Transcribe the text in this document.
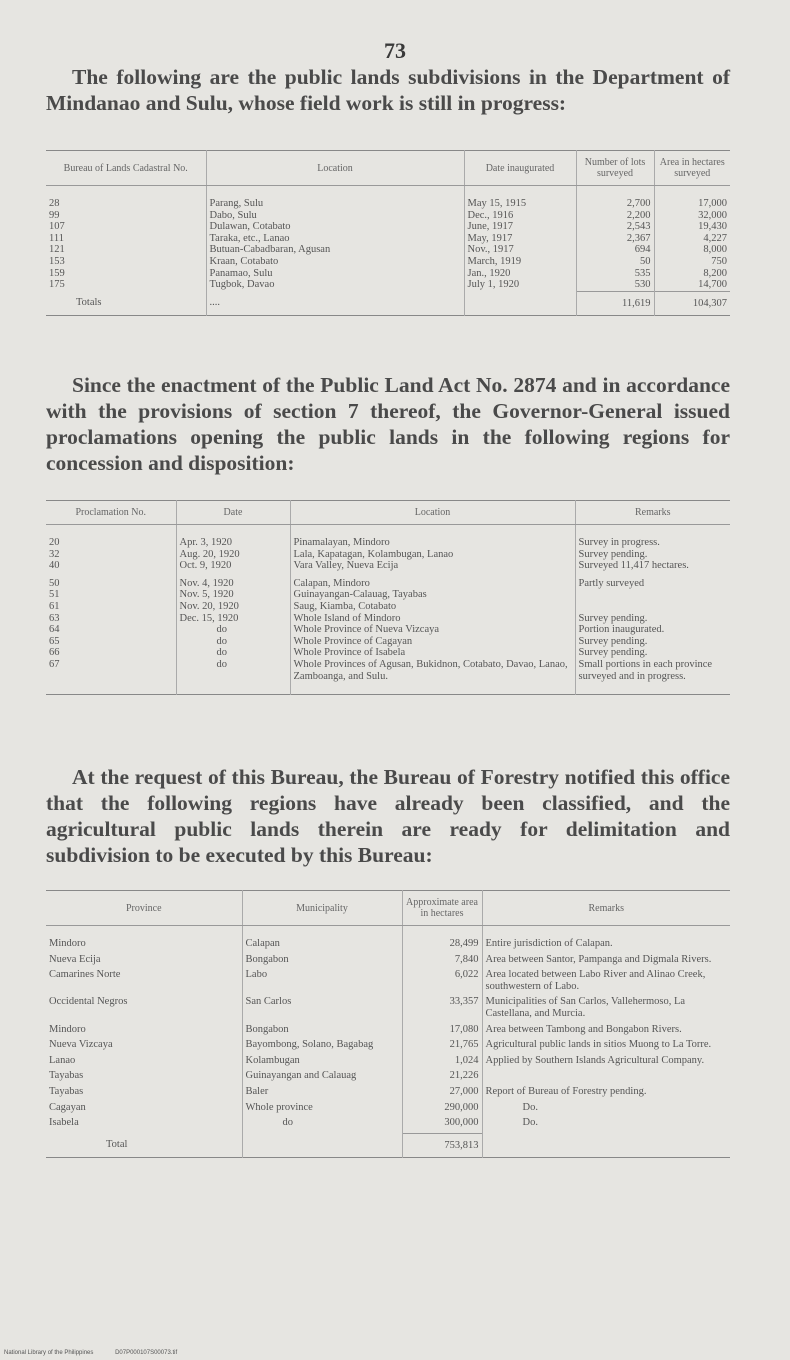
73

The following are the public lands subdivisions in the Department of Mindanao and Sulu, whose field work is still in progress:

Bureau of Lands Cadastral No.	Location	Date inaugurated	Number of lots surveyed	Area in hectares surveyed

28	Parang, Sulu	May 15, 1915	2,700	17,000
99	Dabo, Sulu	Dec., 1916	2,200	32,000
107	Dulawan, Cotabato	June, 1917	2,543	19,430
111	Taraka, etc., Lanao	May, 1917	2,367	4,227
121	Butuan-Cabadbaran, Agusan	Nov., 1917	694	8,000
153	Kraan, Cotabato	March, 1919	50	750
159	Panamao, Sulu	Jan., 1920	535	8,200
175	Tugbok, Davao	July 1, 1920	530	14,700
Totals	....		11,619	104,307

Since the enactment of the Public Land Act No. 2874 and in accordance with the provisions of section 7 thereof, the Governor-General issued proclamations opening the public lands in the following regions for concession and disposition:

Proclamation No.	Date	Location	Remarks

20	Apr. 3, 1920	Pinamalayan, Mindoro	Survey in progress.
32	Aug. 20, 1920	Lala, Kapatagan, Kolambugan, Lanao	Survey pending.
40	Oct. 9, 1920	Vara Valley, Nueva Ecija	Surveyed 11,417 hectares.

50	Nov. 4, 1920	Calapan, Mindoro	Partly surveyed
51	Nov. 5, 1920	Guinayangan-Calauag, Tayabas	
61	Nov. 20, 1920	Saug, Kiamba, Cotabato	
63	Dec. 15, 1920	Whole Island of Mindoro	Survey pending.
64	do	Whole Province of Nueva Vizcaya	Portion inaugurated.
65	do	Whole Province of Cagayan	Survey pending.
66	do	Whole Province of Isabela	Survey pending.
67	do	Whole Provinces of Agusan, Bukidnon, Cotabato, Davao, Lanao, Zamboanga, and Sulu.	Small portions in each province surveyed and in progress.

At the request of this Bureau, the Bureau of Forestry notified this office that the following regions have already been classified, and the agricultural public lands therein are ready for delimitation and subdivision to be executed by this Bureau:

Province	Municipality	Approximate area in hectares	Remarks

Mindoro	Calapan	28,499	Entire jurisdiction of Calapan.
Nueva Ecija	Bongabon	7,840	Area between Santor, Pampanga and Digmala Rivers.
Camarines Norte	Labo	6,022	Area located between Labo River and Alinao Creek, southwestern of Labo.
Occidental Negros	San Carlos	33,357	Municipalities of San Carlos, Vallehermoso, La Castellana, and Murcia.
Mindoro	Bongabon	17,080	Area between Tambong and Bongabon Rivers.
Nueva Vizcaya	Bayombong, Solano, Bagabag	21,765	Agricultural public lands in sitios Muong to La Torre.
Lanao	Kolambugan	1,024	Applied by Southern Islands Agricultural Company.
Tayabas	Guinayangan and Calauag	21,226	
Tayabas	Baler	27,000	Report of Bureau of Forestry pending.
Cagayan	Whole province	290,000	Do.
Isabela	do	300,000	Do.
Total		753,813	
National Library of the Philippines	D07P000107S00073.tif
